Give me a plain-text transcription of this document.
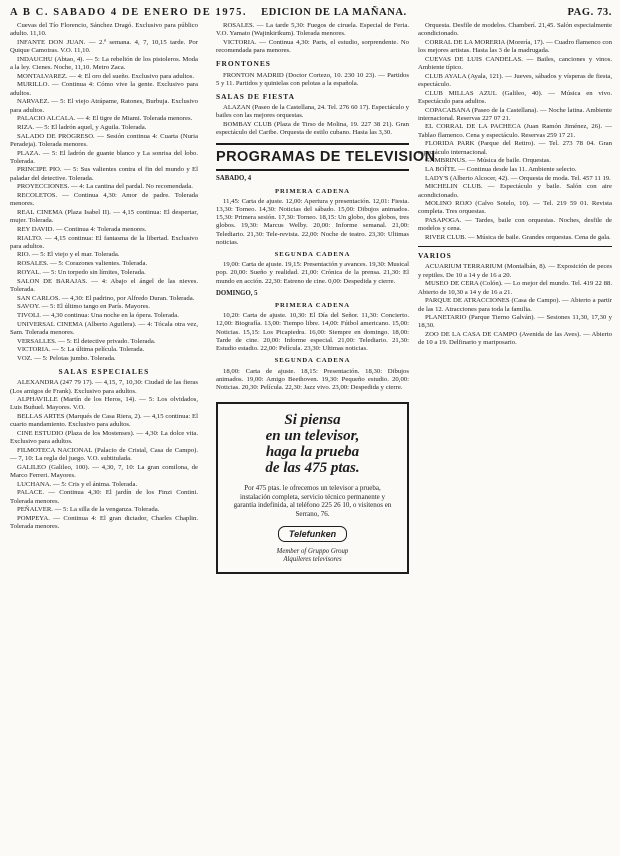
A B C. SABADO 4 DE ENERO DE 1975. EDICION DE LA MAÑANA.	PAG. 73.

Cuevas del Tío Florencio, Sánchez Dragó. Exclusivo para público adulto. 11,10.

INFANTE DON JUAN. — 2.ª semana. 4, 7, 10,15 tarde. Por Quique Camoiras. V.O. 11,10.

INDAUCHU (Abtao, 4). — 5: La rebelión de los pistoleros. Moda a la ley. Cienes. Noche, 11,10. Metro Zaca.

MONTALVAREZ. — 4: El oro del sueño. Exclusivo para adultos.

MURILLO. — Continua 4: Cómo vive la gente. Exclusivo para adultos.

NARVAEZ. — 5: El viejo Atrápame, Ratones, Burbuja. Exclusivo para adultos.

PALACIO ALCALA. — 4: El tigre de Miami. Tolerada menores.

RIZA. — 5: El ladrón aquel, y Aguila. Tolerada.

SALADO DE PROGRESO. — Sesión continua 4: Cuarta (Nuria Peradeja). Tolerada menores.

PLAZA. — 5: El ladrón de guante blanco y La sonrisa del lobo. Tolerada.

PRINCIPE PIO. — 5: Sus valientes contra el fin del mundo y El paladar del detective. Tolerada.

PROYECCIONES. — 4: La cantina del pardal. No recomendada.

RECOLETOS. — Continua 4,30: Amor de padre. Tolerada menores.

REAL CINEMA (Plaza Isabel II). — 4,15 continua: El despertar, mujer. Tolerada.

REY DAVID. — Continua 4: Tolerada menores.

RIALTO. — 4,15 continua: El fantasma de la libertad. Exclusivo para adultos.

RIO. — 5: El viejo y el mar. Tolerada.

ROSALES. — 5: Corazones valientes. Tolerada.

ROYAL. — 5: Un torpedo sin límites, Tolerada.

SALON DE BARAJAS. — 4: Abajo el ángel de las nieves. Tolerada.

SAN CARLOS. — 4,30: El padrino, por Alfredo Duran. Tolerada.

SAVOY. — 5: El último tango en París. Mayores.

TIVOLI. — 4,30 continua: Una noche en la ópera. Tolerada.

UNIVERSAL CINEMA (Alberto Aguilera). — 4: Tócala otra vez, Sam. Tolerada menores.

VERSALLES. — 5: El detective privado. Tolerada.

VICTORIA. — 5: La última película. Tolerada.

VOZ. — 5: Pelotas jumbo. Tolerada.

SALAS ESPECIALES

ALEXANDRA (247 79 17). — 4,15, 7, 10,30: Ciudad de las fieras (Los amigos de Frank). Exclusivo para adultos.

ALPHAVILLE (Martín de los Heros, 14). — 5: Los olvidados, Luis Buñuel. Mayores. V.O.

BELLAS ARTES (Marqués de Casa Riera, 2). — 4,15 continua: El cuarto mandamiento. Exclusivo para adultos.

CINE ESTUDIO (Plaza de los Mostenses). — 4,30: La dolce vita. Exclusivo para adultos.

FILMOTECA NACIONAL (Palacio de Cristal, Casa de Campo). — 7, 10: La regla del juego. V.O. subtitulada.

GALILEO (Galileo, 100). — 4,30, 7, 10: La gran comilona, de Marco Ferreri. Mayores.

LUCHANA. — 5: Cris y el ánima. Tolerada.

PALACE. — Continua 4,30: El jardín de los Finzi Contini. Tolerada menores.

PEÑALVER. — 5: La silla de la venganza. Tolerada.

POMPEYA. — Continua 4: El gran dictador, Charles Chaplin. Tolerada menores.

ROSALES. — La tarde 5,30: Fuegos de ciruela. Especial de Feria. V.O. Yamato (Wajinkirikum). Tolerada menores.

VICTORIA. — Continua 4,30: Paris, el estudio, sorprendente. No recomendada para menores.

FRONTONES

FRONTON MADRID (Doctor Cortezo, 10. 230 10 23). — Partidos 5 y 11. Partidos y quinielas con pelotas a la española.

SALAS DE FIESTA

ALAZAN (Paseo de la Castellana, 24. Tel. 276 60 17). Espectáculo y bailes con las mejores orquestas.

BOMBAY CLUB (Plaza de Tirso de Molina, 19. 227 38 21). Gran espectáculo del Caribe. Orquesta de estilo cubano. Hasta las 3,30.

PROGRAMAS DE TELEVISION
SABADO, 4
PRIMERA CADENA

11,45: Carta de ajuste. 12,00: Apertura y presentación. 12,01: Fiesta. 13,30: Torneo. 14,30: Noticias del sábado. 15,00: Dibujos animados. 15,30: Primera sesión. 17,30: Torneo. 18,15: Un globo, dos globos, tres globos. 19,30: Marcus Welby. 20,00: Informe semanal. 21,00: Telediario. 21,30: Tele-revista. 22,00: Noche de teatro. 23,30: Ultimas noticias.

SEGUNDA CADENA

19,00: Carta de ajuste. 19,15: Presentación y avances. 19,30: Musical pop. 20,00: Sueño y realidad. 21,00: Crónica de la prensa. 21,30: El mundo en acción. 22,30: Estreno de cine. 0,00: Despedida y cierre.

DOMINGO, 5
PRIMERA CADENA

10,20: Carta de ajuste. 10,30: El Día del Señor. 11,30: Concierto. 12,00: Biografía. 13,00: Tiempo libre. 14,00: Fútbol americano. 15,00: Noticias. 15,15: Los Picapiedra. 16,00: Siempre en domingo. 18,00: Tarde de cine. 20,00: Informe especial. 21,00: Telediario. 21,30: Estudio estadio. 22,00: Película. 23,30: Ultimas noticias.

SEGUNDA CADENA

18,00: Carta de ajuste. 18,15: Presentación. 18,30: Dibujos animados. 19,00: Amigo Beethoven. 19,30: Pequeño estudio. 20,00: Noticias. 20,30: Película. 22,30: Jazz vivo. 23,00: Despedida y cierre.

Si piensa
en un televisor,
haga la prueba
de las 475 ptas.
Por 475 ptas. le ofrecemos un televisor a prueba, instalación completa, servicio técnico permanente y garantía indefinida, al teléfono 225 26 10, o visítenos en Serrano, 76.
Telefunken
Member of Gruppo Group
Alquileres televisores

Orquesta. Desfile de modelos. Chamberí. 21,45. Salón especialmente acondicionado.

CORRAL DE LA MORERIA (Morería, 17). — Cuadro flamenco con los mejores artistas. Hasta las 3 de la madrugada.

CUEVAS DE LUIS CANDELAS. — Bailes, canciones y vinos. Ambiente típico.

CLUB AYALA (Ayala, 121). — Jueves, sábados y vísperas de fiesta, espectáculo.

CLUB MILLAS AZUL (Galileo, 40). — Música en vivo. Espectáculo para adultos.

COPACABANA (Paseo de la Castellana). — Noche latina. Ambiente internacional. Reservas 227 07 21.

EL CORRAL DE LA PACHECA (Juan Ramón Jiménez, 26). — Tablao flamenco. Cena y espectáculo. Reservas 259 17 21.

FLORIDA PARK (Parque del Retiro). — Tel. 273 78 04. Gran espectáculo internacional.

GAMBRINUS. — Música de baile. Orquestas.

LA BOÎTE. — Continua desde las 11. Ambiente selecto.

LADY'S (Alberto Alcocer, 42). — Orquesta de moda. Tel. 457 11 19.

MICHELIN CLUB. — Espectáculo y baile. Salón con aire acondicionado.

MOLINO ROJO (Calvo Sotelo, 10). — Tel. 219 59 01. Revista completa. Tres orquestas.

PASAPOGA. — Tardes, baile con orquestas. Noches, desfile de modelos y cena.

RIVER CLUB. — Música de baile. Grandes orquestas. Cena de gala.

VARIOS

ACUARIUM TERRARIUM (Montalbán, 8). — Exposición de peces y reptiles. De 10 a 14 y de 16 a 20.

MUSEO DE CERA (Colón). — Lo mejor del mundo. Tel. 419 22 88. Abierto de 10,30 a 14 y de 16 a 21.

PARQUE DE ATRACCIONES (Casa de Campo). — Abierto a partir de las 12. Atracciones para toda la familia.

PLANETARIO (Parque Tierno Galván). — Sesiones 11,30, 17,30 y 18,30.

ZOO DE LA CASA DE CAMPO (Avenida de las Aves). — Abierto de 10 a 19. Delfinario y mariposario.
